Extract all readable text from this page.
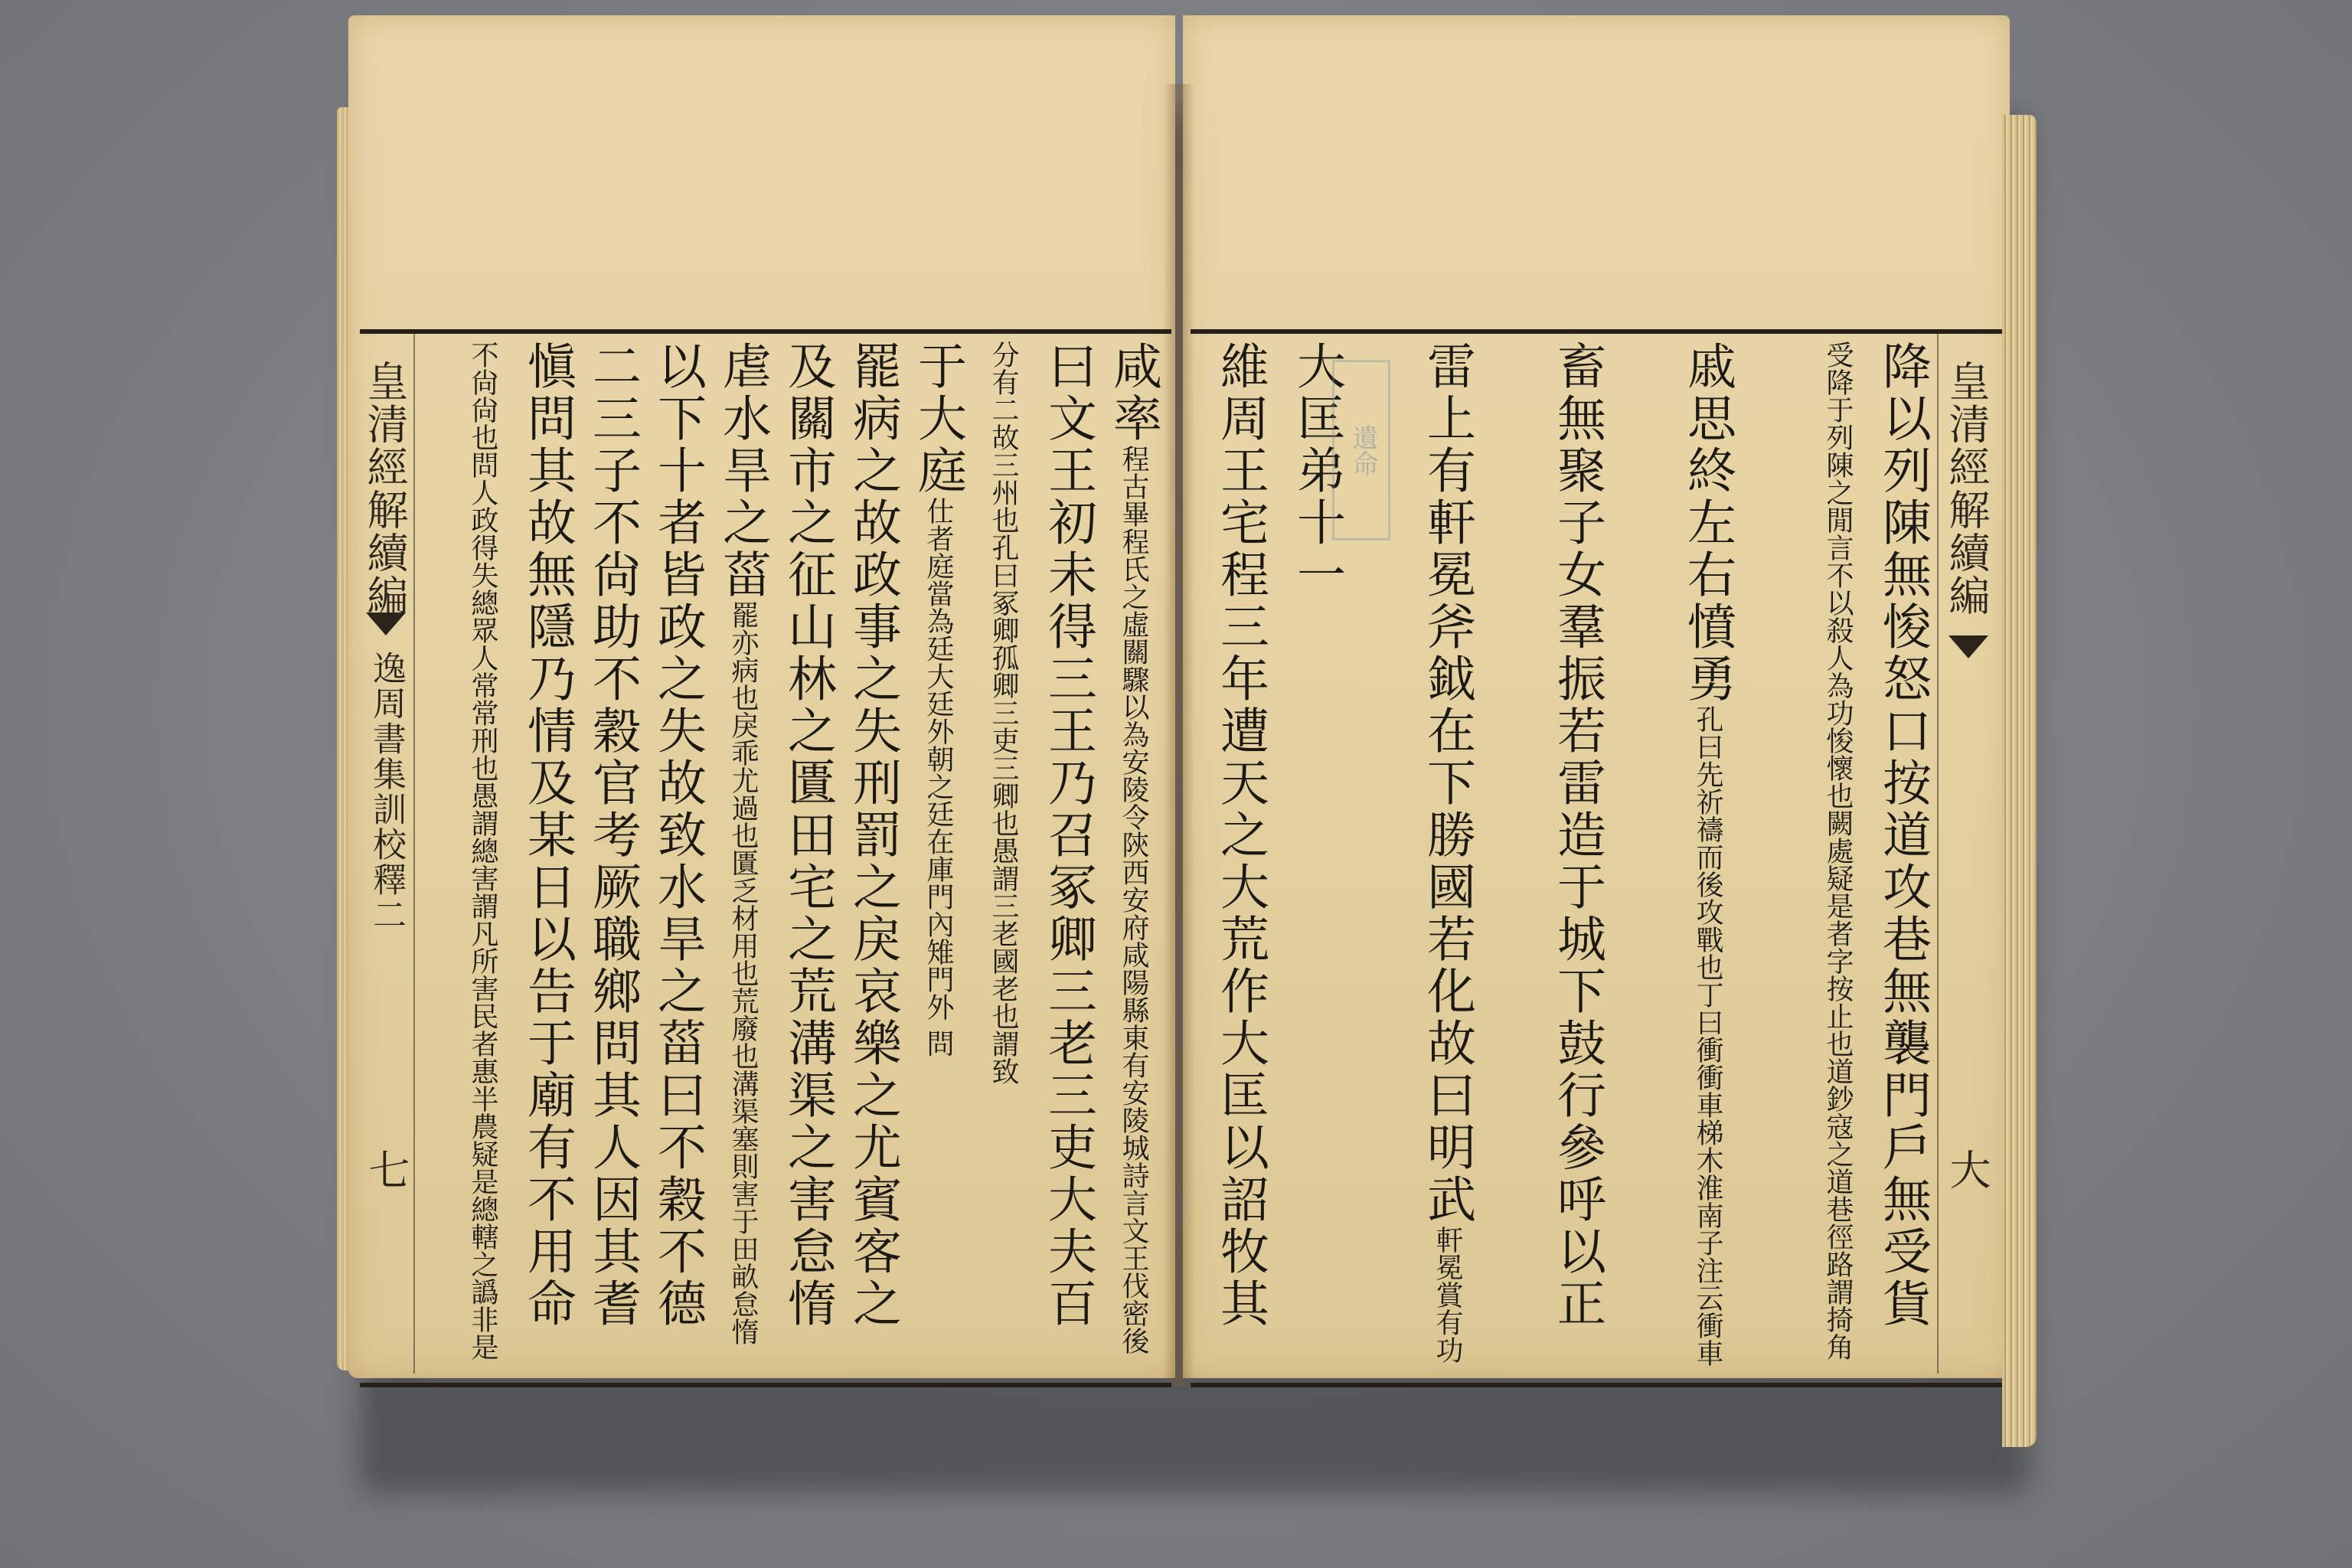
皇清經解續編
逸周書集訓校釋二
七
咸率程古畢程氏之虛關驟以為安陵令陝西安府咸陽縣東有安陵城詩言文王伐密後
曰文王初未得三王乃召冢卿三老三吏大夫百
分有二故三州也孔曰冢卿孤卿三吏三卿也愚謂三老國老也謂致
于大庭仕者庭當為廷大廷外朝之廷在庫門內雉門外 問
罷病之故政事之失刑罰之戾哀樂之尤賓客之
及關市之征山林之匱田宅之荒溝渠之害怠惰
虐水旱之菑罷亦病也戾乖尤過也匱乏材用也荒廢也溝渠塞則害于田畝怠惰
以下十者皆政之失故致水旱之菑曰不穀不德
二三子不尙助不穀官考厥職鄉問其人因其耆
愼問其故無隱乃情及某日以告于廟有不用命
不尙尙也問人政得失總眾人常常刑也愚謂總害謂凡所害民者惠半農疑是總轄之譌非是	皇清經解續編
大
降以列陳無悛怒口按道攻巷無襲門戶無受貨
受降于列陳之閒言不以殺人為功悛懷也闕處疑是者字按止也道鈔寇之道巷徑路謂掎角
戚思終左右憤勇孔曰先祈禱而後攻戰也丁曰衝衝車梯木淮南子注云衝車
畜無聚子女羣振若雷造于城下鼓行參呼以正
雷上有軒冕斧鉞在下勝國若化故曰明武軒冕賞有功
大匡弟十一
維周王宅程三年遭天之大荒作大匡以詔牧其
遺命
